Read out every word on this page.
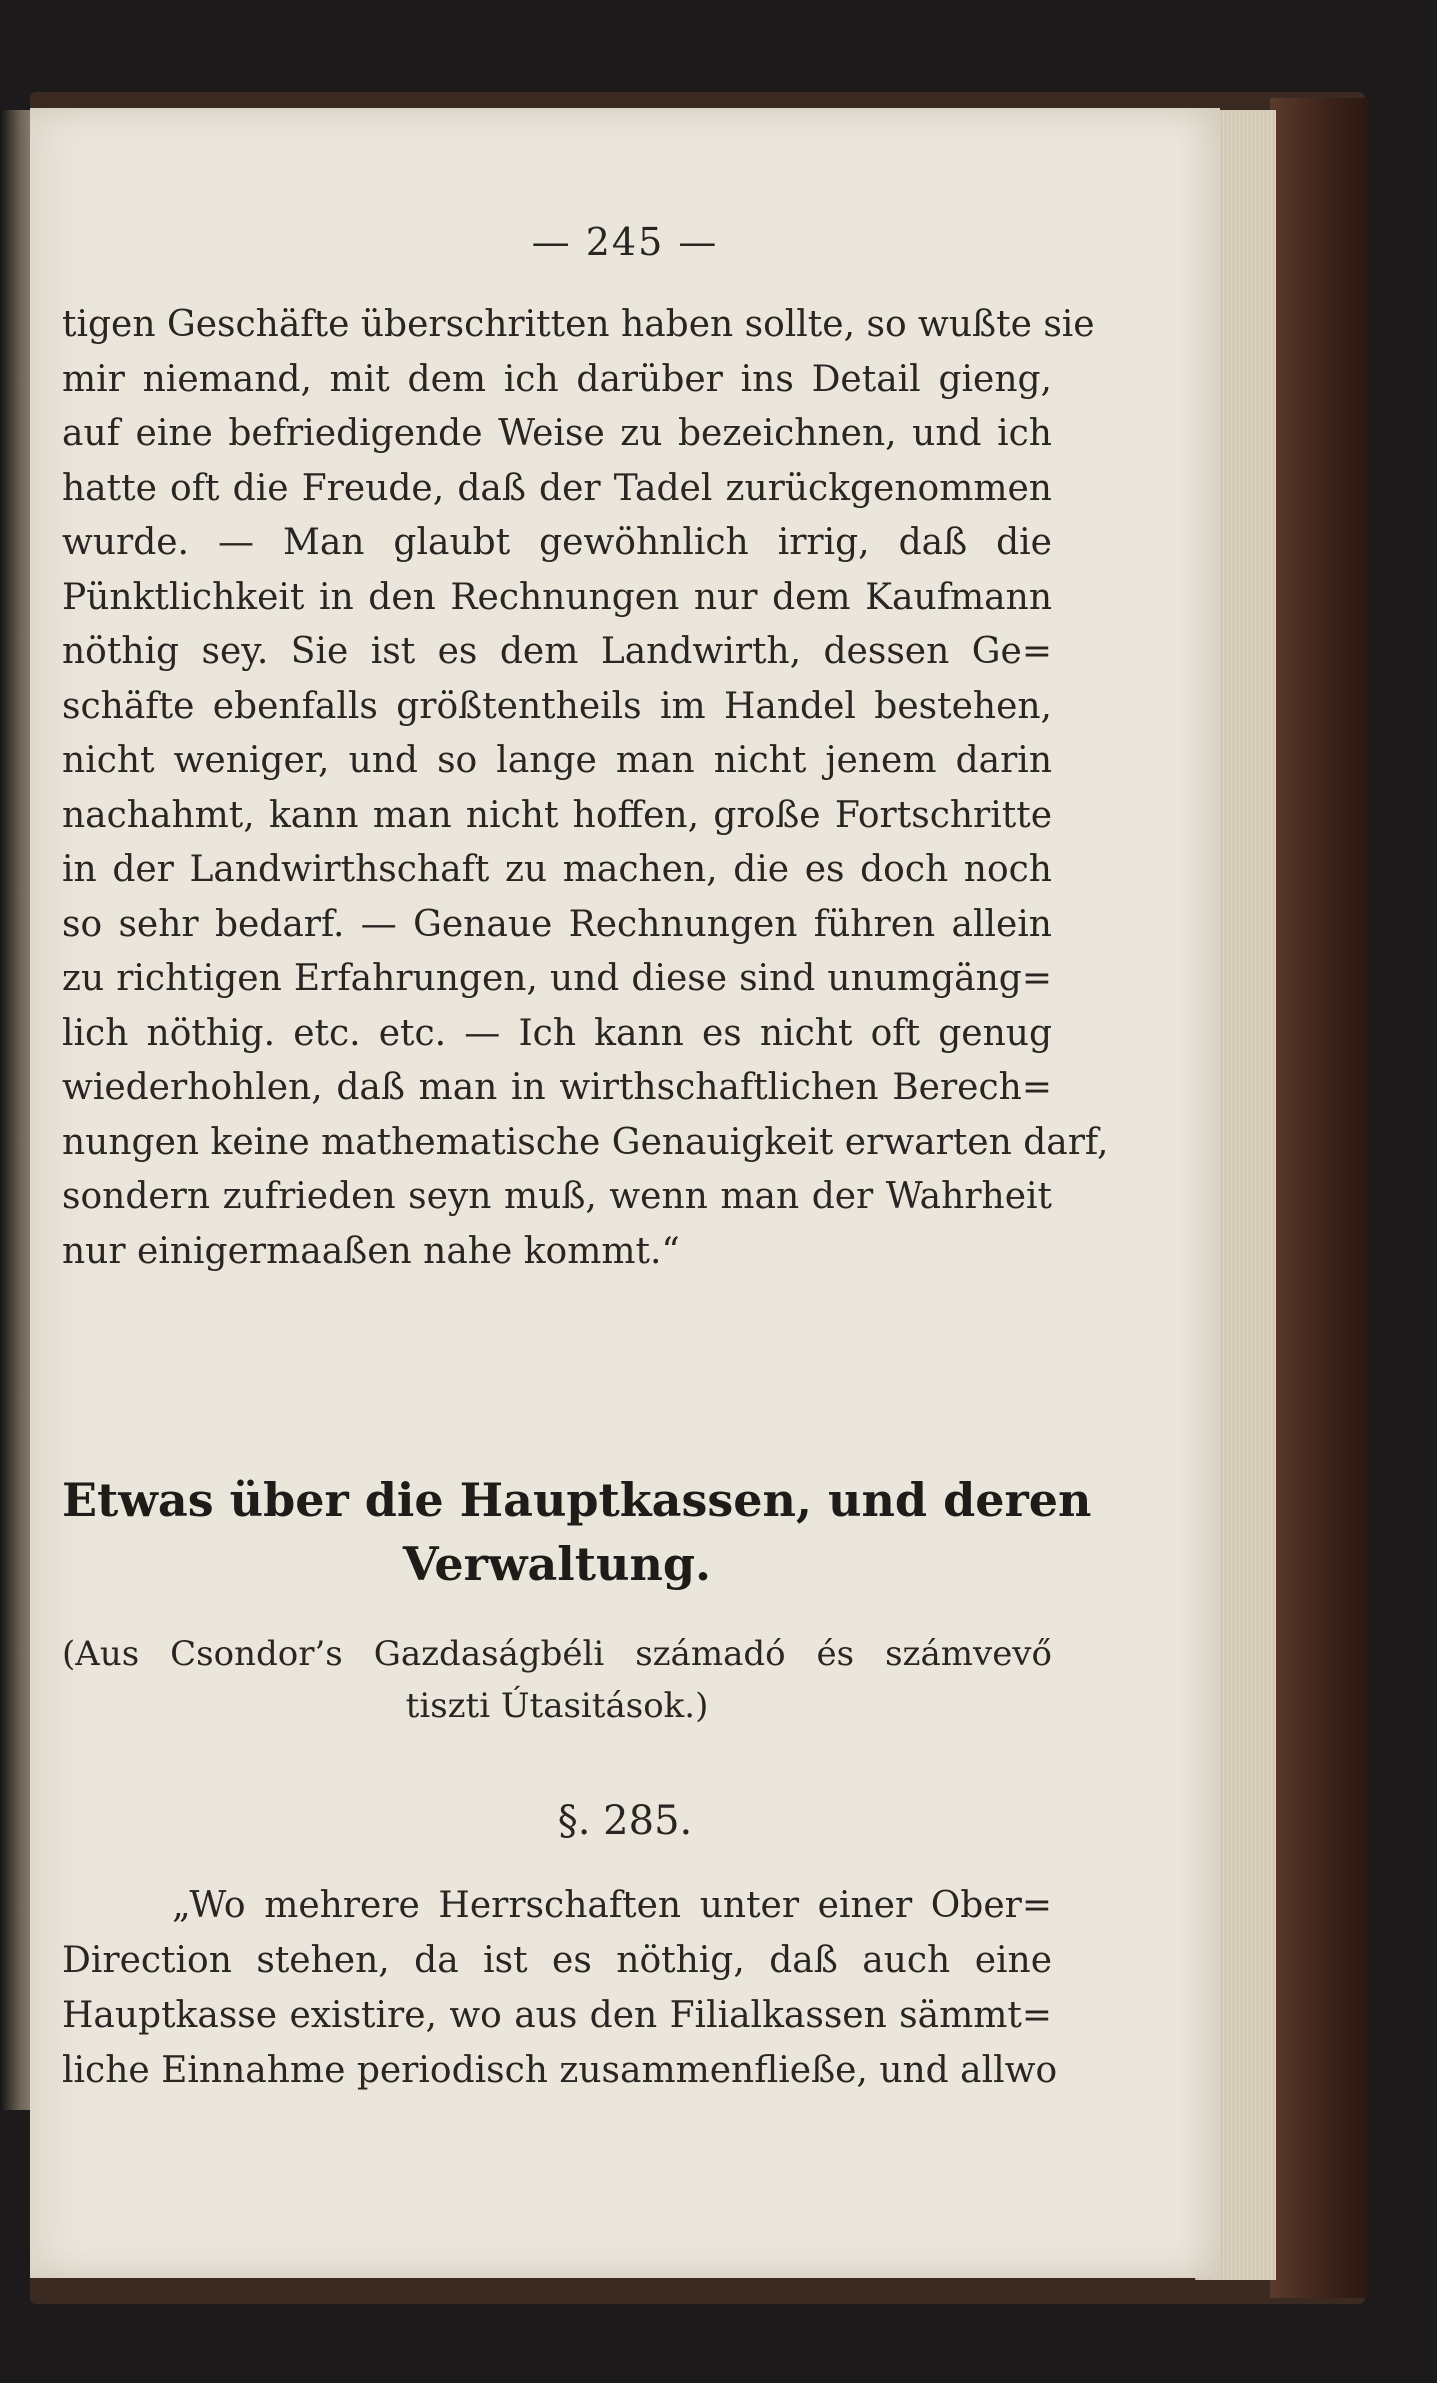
— 245 —
tigen Geschäfte überschritten haben sollte, so wußte sie
mir niemand, mit dem ich darüber ins Detail gieng,
auf eine befriedigende Weise zu bezeichnen, und ich
hatte oft die Freude, daß der Tadel zurückgenommen
wurde. — Man glaubt gewöhnlich irrig, daß die
Pünktlichkeit in den Rechnungen nur dem Kaufmann
nöthig sey. Sie ist es dem Landwirth, dessen Ge=
schäfte ebenfalls größtentheils im Handel bestehen,
nicht weniger, und so lange man nicht jenem darin
nachahmt, kann man nicht hoffen, große Fortschritte
in der Landwirthschaft zu machen, die es doch noch
so sehr bedarf. — Genaue Rechnungen führen allein
zu richtigen Erfahrungen, und diese sind unumgäng=
lich nöthig. etc. etc. — Ich kann es nicht oft genug
wiederhohlen, daß man in wirthschaftlichen Berech=
nungen keine mathematische Genauigkeit erwarten darf,
sondern zufrieden seyn muß, wenn man der Wahrheit
nur einigermaaßen nahe kommt.“
Etwas über die Hauptkassen, und deren
Verwaltung.
(Aus Csondor’s Gazdaságbéli számadó és számvevő
tiszti Útasitások.)
§. 285.
„Wo mehrere Herrschaften unter einer Ober=
Direction stehen, da ist es nöthig, daß auch eine
Hauptkasse existire, wo aus den Filialkassen sämmt=
liche Einnahme periodisch zusammenfließe, und allwo
